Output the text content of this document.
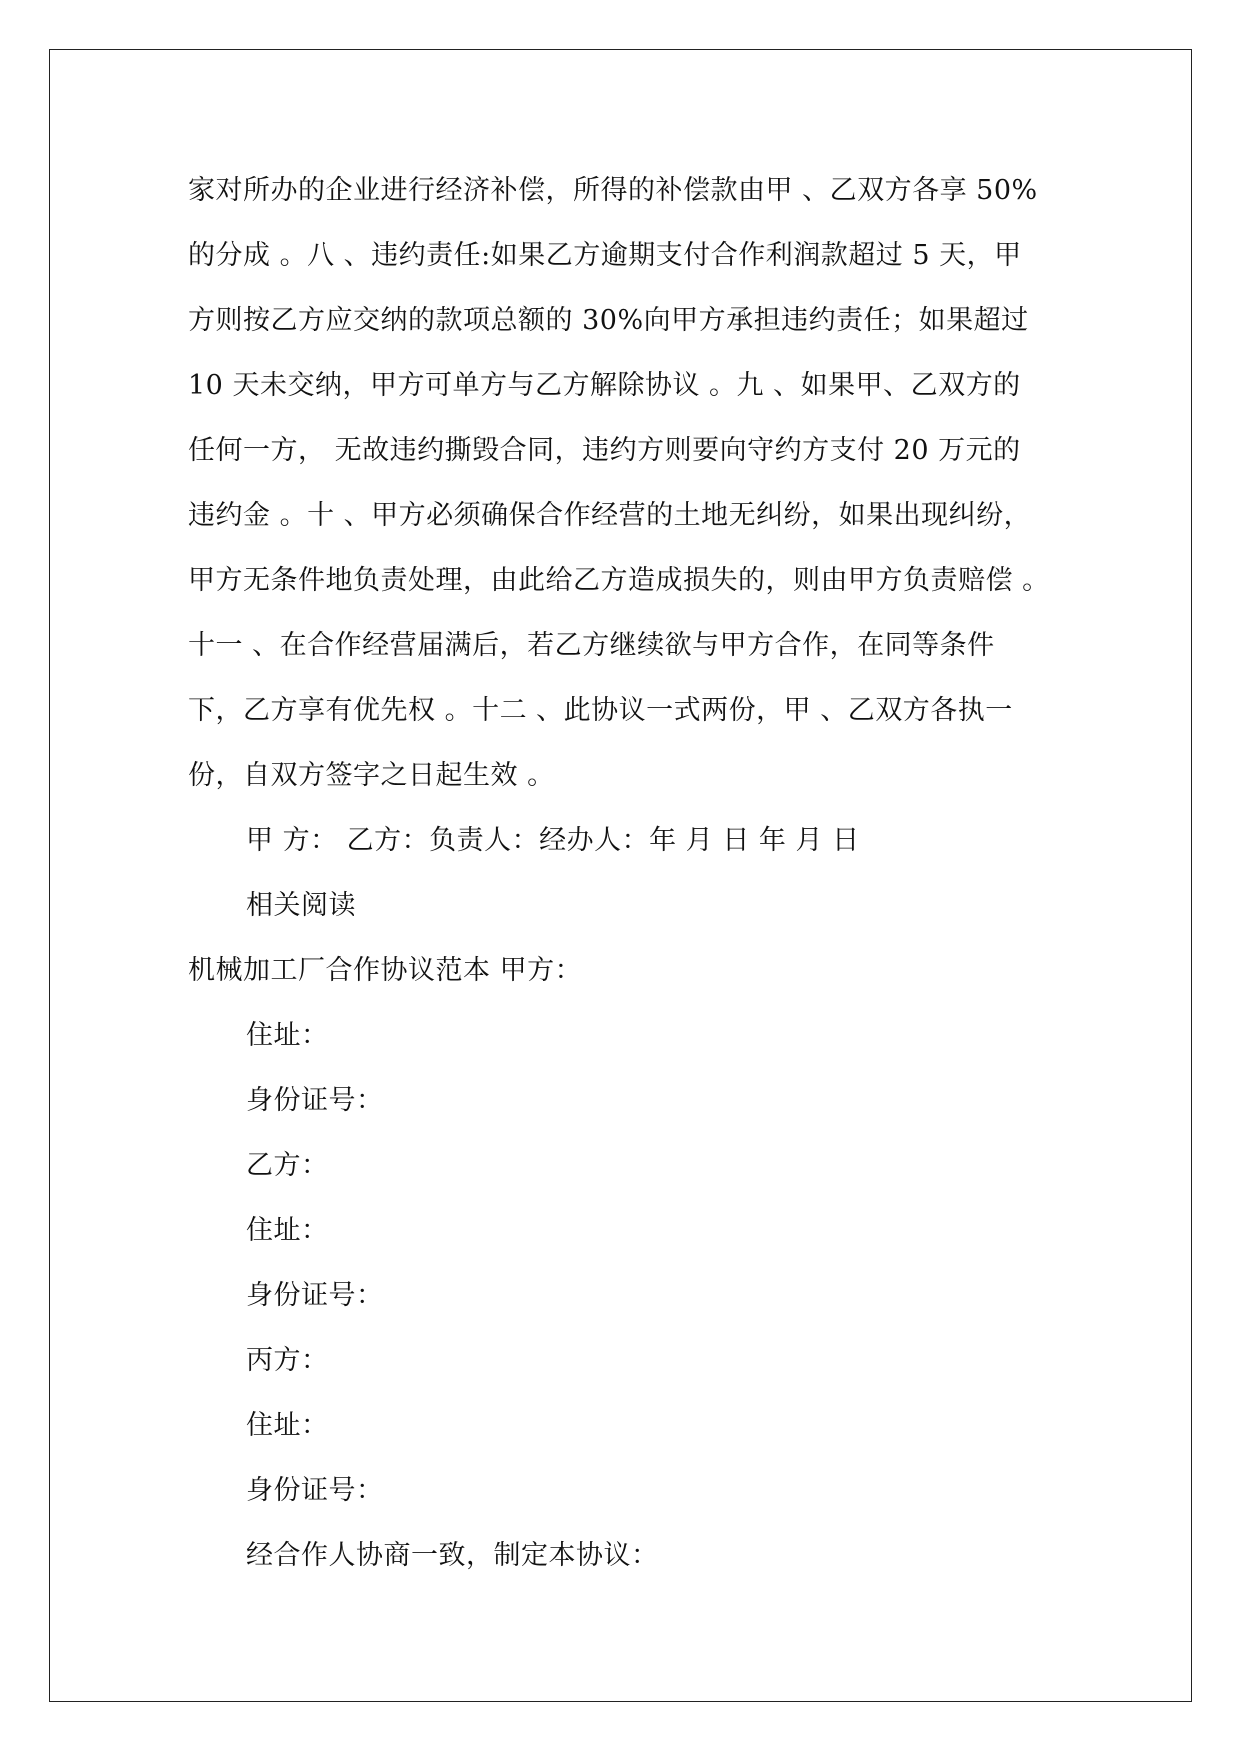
家对所办的企业进行经济补偿，所得的补偿款由甲 、乙双方各享 50%
的分成 。八 、违约责任:如果乙方逾期支付合作利润款超过 5 天，甲
方则按乙方应交纳的款项总额的 30%向甲方承担违约责任；如果超过
10 天未交纳，甲方可单方与乙方解除协议 。九 、如果甲、乙双方的
任何一方， 无故违约撕毁合同，违约方则要向守约方支付 20 万元的
违约金 。十 、甲方必须确保合作经营的土地无纠纷，如果出现纠纷，
甲方无条件地负责处理，由此给乙方造成损失的，则由甲方负责赔偿 。
十一 、在合作经营届满后，若乙方继续欲与甲方合作，在同等条件
下，乙方享有优先权 。十二 、此协议一式两份，甲 、乙双方各执一
份，自双方签字之日起生效 。
甲 方： 乙方：负责人：经办人：年 月 日 年 月 日
相关阅读
机械加工厂合作协议范本 甲方：
住址：
身份证号：
乙方：
住址：
身份证号：
丙方：
住址：
身份证号：
经合作人协商一致，制定本协议：
